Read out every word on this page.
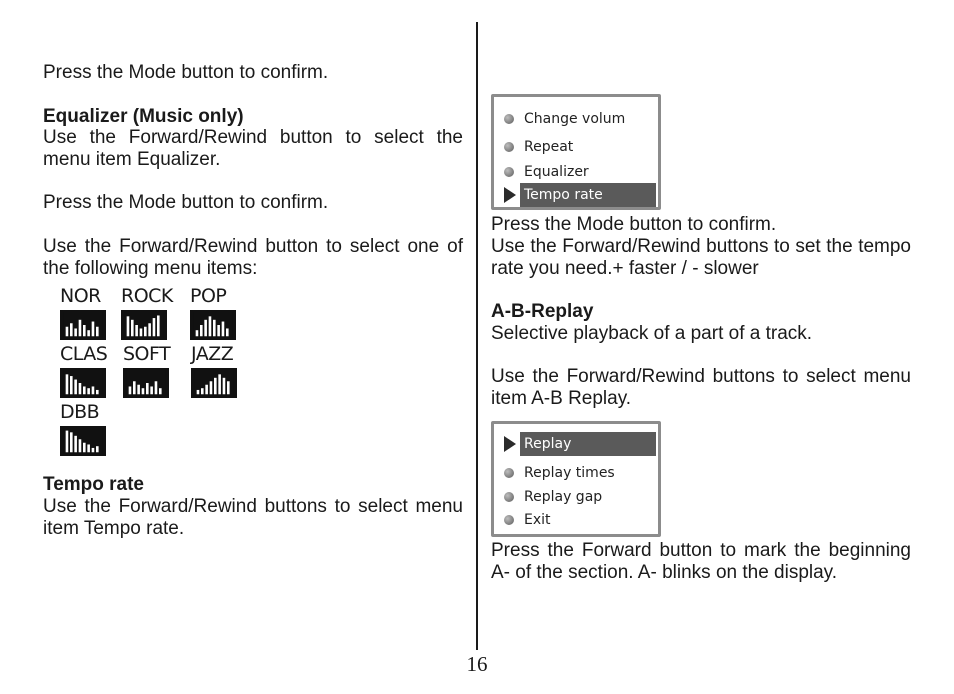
Press the Mode button to confirm.

Equalizer (Music only)

Use the Forward/Rewind button to select the menu item Equalizer.

Press the Mode button to confirm.

Use the Forward/Rewind button to select one of the following menu items:

NOR ROCK POP
CLAS SOFT JAZZ
DBB

Tempo rate

Use the Forward/Rewind buttons to select menu item Tempo rate.

Change volum
Repeat
Equalizer
Tempo rate

Press the Mode button to confirm.

Use the Forward/Rewind buttons to set the tempo rate you need.+ faster / - slower

A-B-Replay

Selective playback of a part of a track.

Use the Forward/Rewind buttons to select menu item A-B Replay.

Press the Forward button to mark the beginning A- of the section. A- blinks on the display.

Replay
Replay times
Replay gap
Exit
16
